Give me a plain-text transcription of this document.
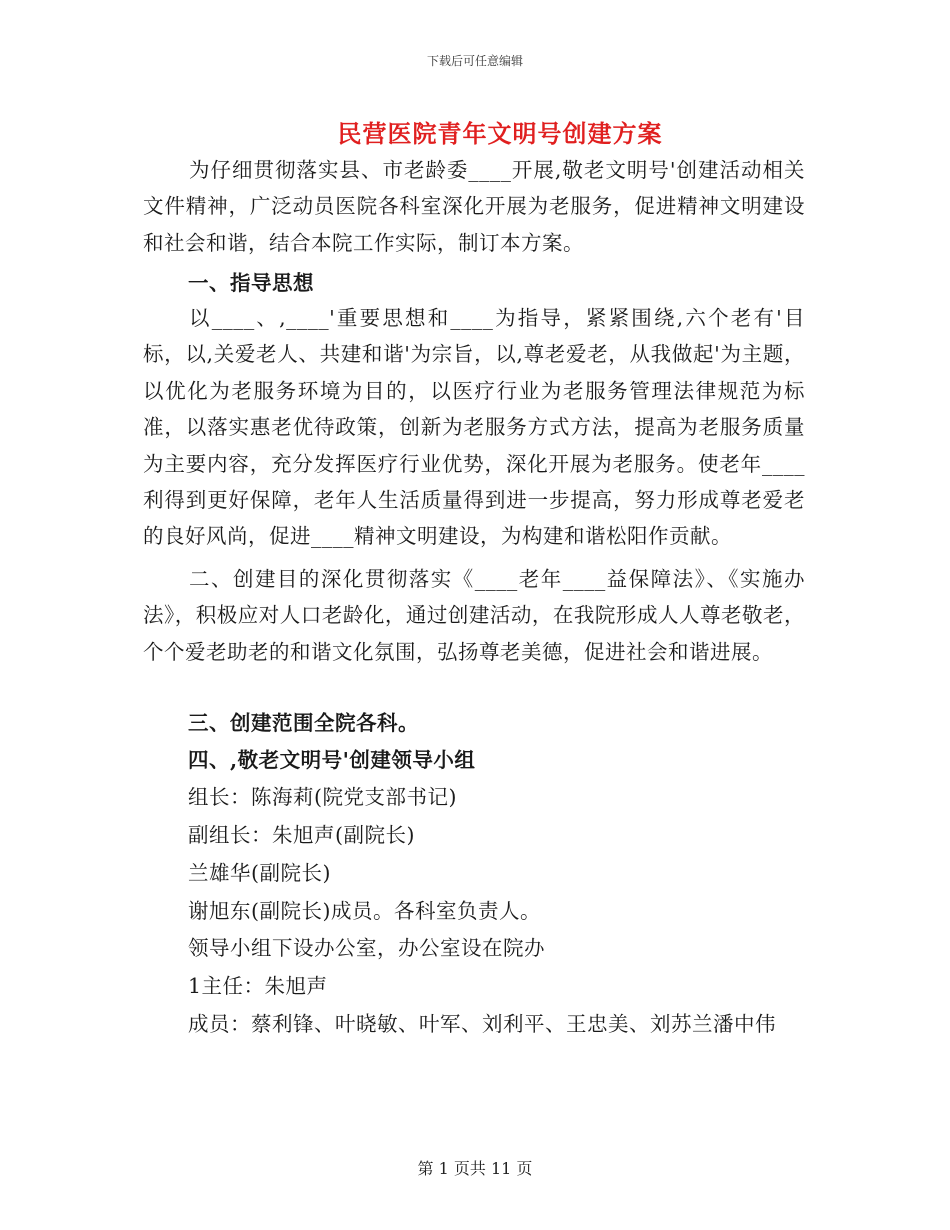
下载后可任意编辑
民营医院青年文明号创建方案

为仔细贯彻落实县、市老龄委____开展,敬老文明号'创建活动相关文件精神，广泛动员医院各科室深化开展为老服务，促进精神文明建设和社会和谐，结合本院工作实际，制订本方案。

一、指导思想

以____、,____'重要思想和____为指导，紧紧围绕,六个老有'目标，以,关爱老人、共建和谐'为宗旨，以,尊老爱老，从我做起'为主题，以优化为老服务环境为目的，以医疗行业为老服务管理法律规范为标准，以落实惠老优待政策，创新为老服务方式方法，提高为老服务质量为主要内容，充分发挥医疗行业优势，深化开展为老服务。使老年____利得到更好保障，老年人生活质量得到进一步提高，努力形成尊老爱老的良好风尚，促进____精神文明建设，为构建和谐松阳作贡献。

二、创建目的深化贯彻落实《____老年____益保障法》、《实施办法》，积极应对人口老龄化，通过创建活动，在我院形成人人尊老敬老，个个爱老助老的和谐文化氛围，弘扬尊老美德，促进社会和谐进展。

三、创建范围全院各科。
四、,敬老文明号'创建领导小组
组长：陈海莉(院党支部书记)
副组长：朱旭声(副院长)
兰雄华(副院长)
谢旭东(副院长)成员。各科室负责人。
领导小组下设办公室，办公室设在院办
1主任：朱旭声
成员：蔡利锋、叶晓敏、叶军、刘利平、王忠美、刘苏兰潘中伟
第 1 页共 11 页
